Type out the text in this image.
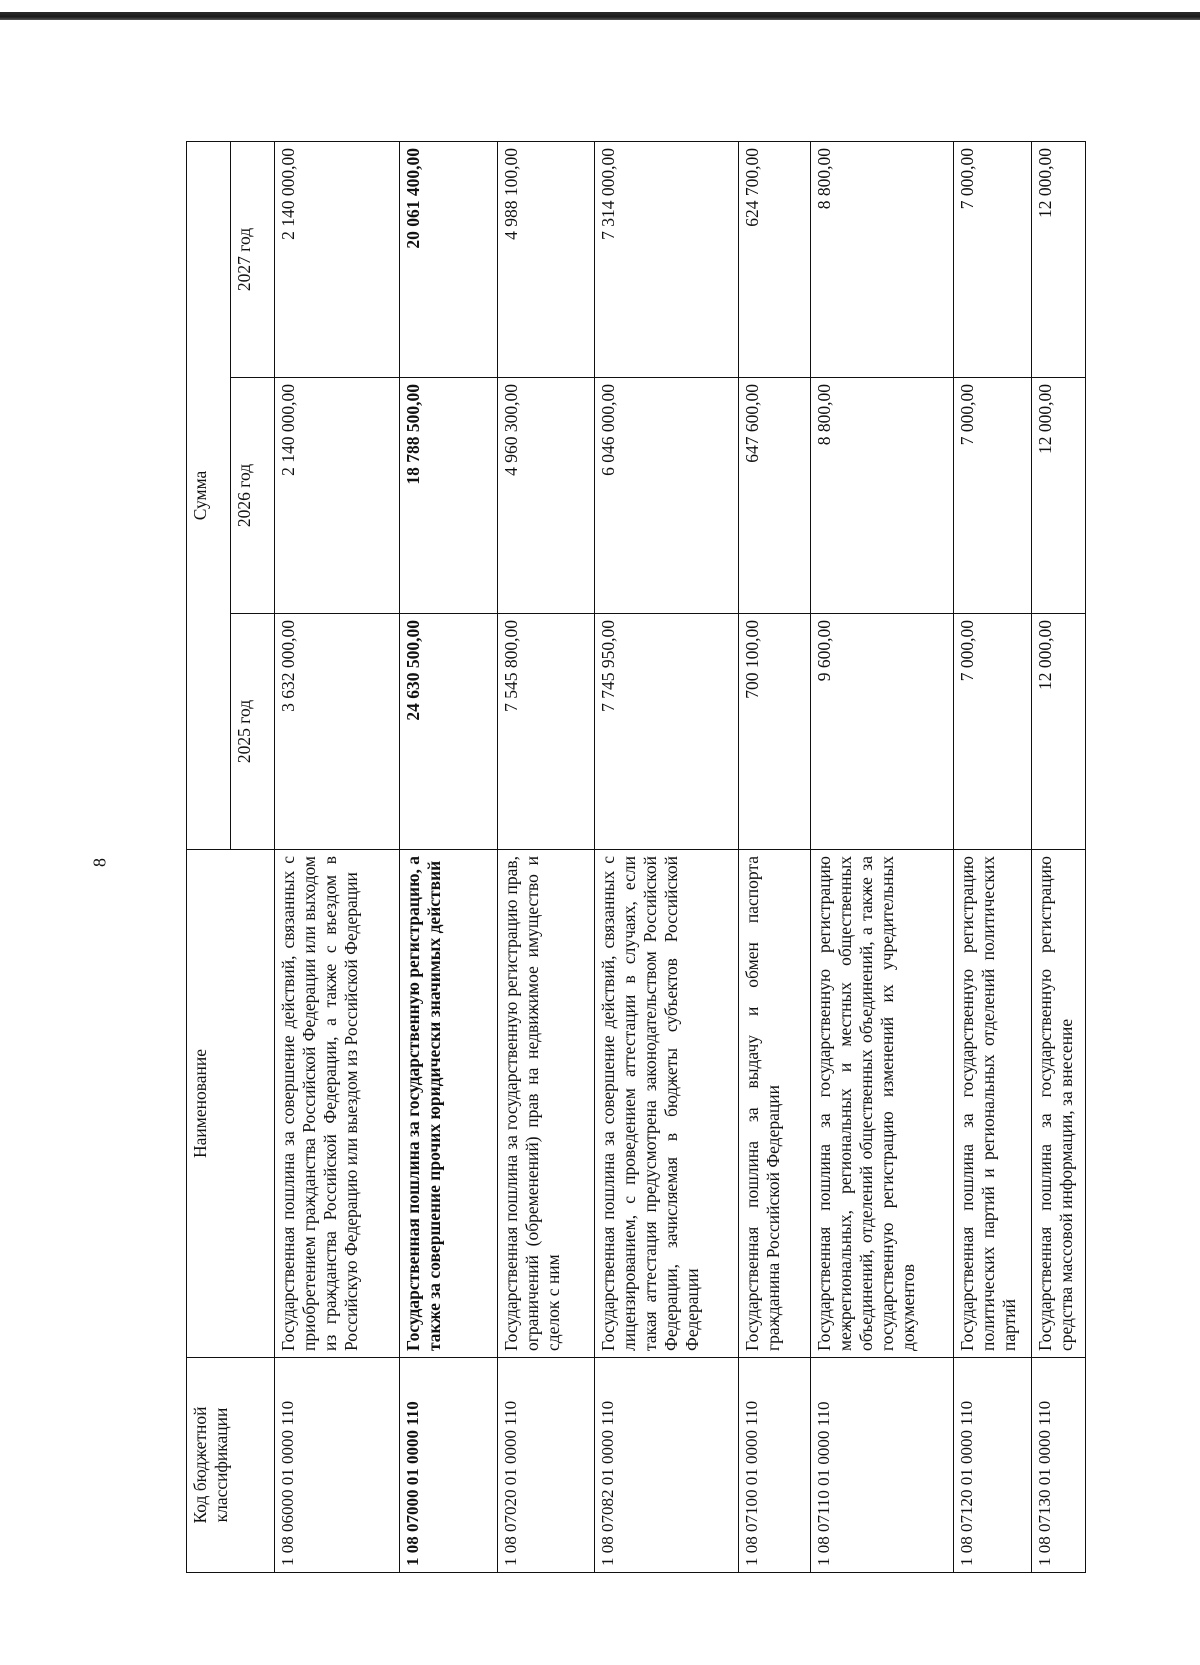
8
Код бюджетной классификации	Наименование	Сумма		
		2025 год	2026 год	2027 год
1 08 06000 01 0000 110	Государственная пошлина за совершение действий, связанных с приобретением гражданства Российской Федерации или выходом из гражданства Российской Федерации, а также с въездом в Российскую Федерацию или выездом из Российской Федерации	3 632 000,00	2 140 000,00	2 140 000,00
1 08 07000 01 0000 110	Государственная пошлина за государственную регистрацию, а также за совершение прочих юридически значимых действий	24 630 500,00	18 788 500,00	20 061 400,00
1 08 07020 01 0000 110	Государственная пошлина за государственную регистрацию прав, ограничений (обременений) прав на недвижимое имущество и сделок с ним	7 545 800,00	4 960 300,00	4 988 100,00
1 08 07082 01 0000 110	Государственная пошлина за совершение действий, связанных с лицензированием, с проведением аттестации в случаях, если такая аттестация предусмотрена законодательством Российской Федерации, зачисляемая в бюджеты субъектов Российской Федерации	7 745 950,00	6 046 000,00	7 314 000,00
1 08 07100 01 0000 110	Государственная пошлина за выдачу и обмен паспорта гражданина Российской Федерации	700 100,00	647 600,00	624 700,00
1 08 07110 01 0000 110	Государственная пошлина за государственную регистрацию межрегиональных, региональных и местных общественных объединений, отделений общественных объединений, а также за государственную регистрацию изменений их учредительных документов	9 600,00	8 800,00	8 800,00
1 08 07120 01 0000 110	Государственная пошлина за государственную регистрацию политических партий и региональных отделений политических партий	7 000,00	7 000,00	7 000,00
1 08 07130 01 0000 110	Государственная пошлина за государственную регистрацию средства массовой информации, за внесение	12 000,00	12 000,00	12 000,00
